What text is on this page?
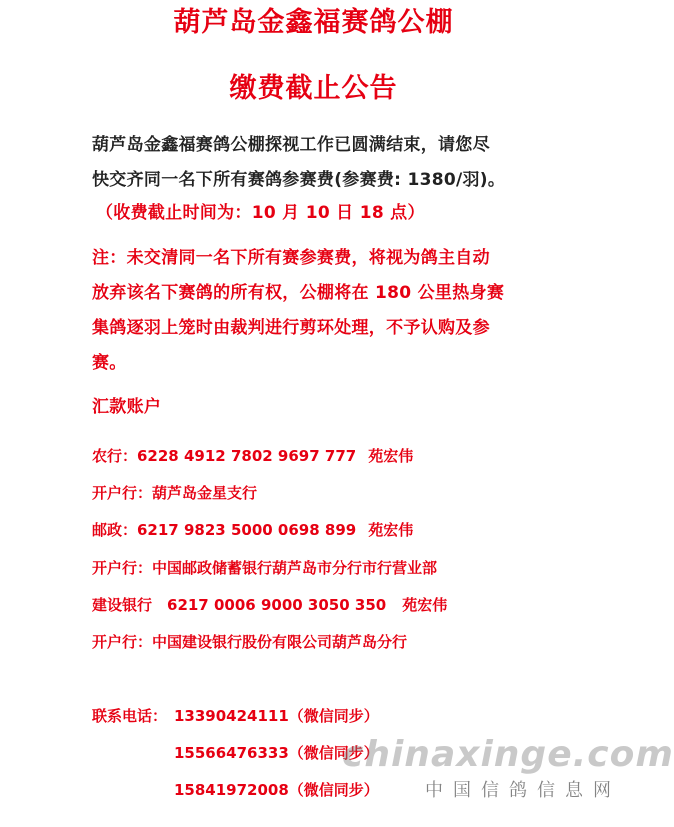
葫芦岛金鑫福赛鸽公棚
缴费截止公告
葫芦岛金鑫福赛鸽公棚探视工作已圆满结束，请您尽
快交齐同一名下所有赛鸽参赛费(参赛费: 1380/羽)。
（收费截止时间为：10 月 10 日 18 点）
注：未交清同一名下所有赛参赛费，将视为鸽主自动
放弃该名下赛鸽的所有权，公棚将在 180 公里热身赛
集鸽逐羽上笼时由裁判进行剪环处理，不予认购及参
赛。
汇款账户
农行：6228 4912 7802 9697 777 苑宏伟
开户行：葫芦岛金星支行
邮政：6217 9823 5000 0698 899 苑宏伟
开户行：中国邮政储蓄银行葫芦岛市分行市行营业部
建设银行　6217 0006 9000 3050 350 苑宏伟
开户行：中国建设银行股份有限公司葫芦岛分行
联系电话： 13390424111（微信同步）
15566476333（微信同步）
15841972008（微信同步）
chinaxinge.com
中国信鸽信息网
